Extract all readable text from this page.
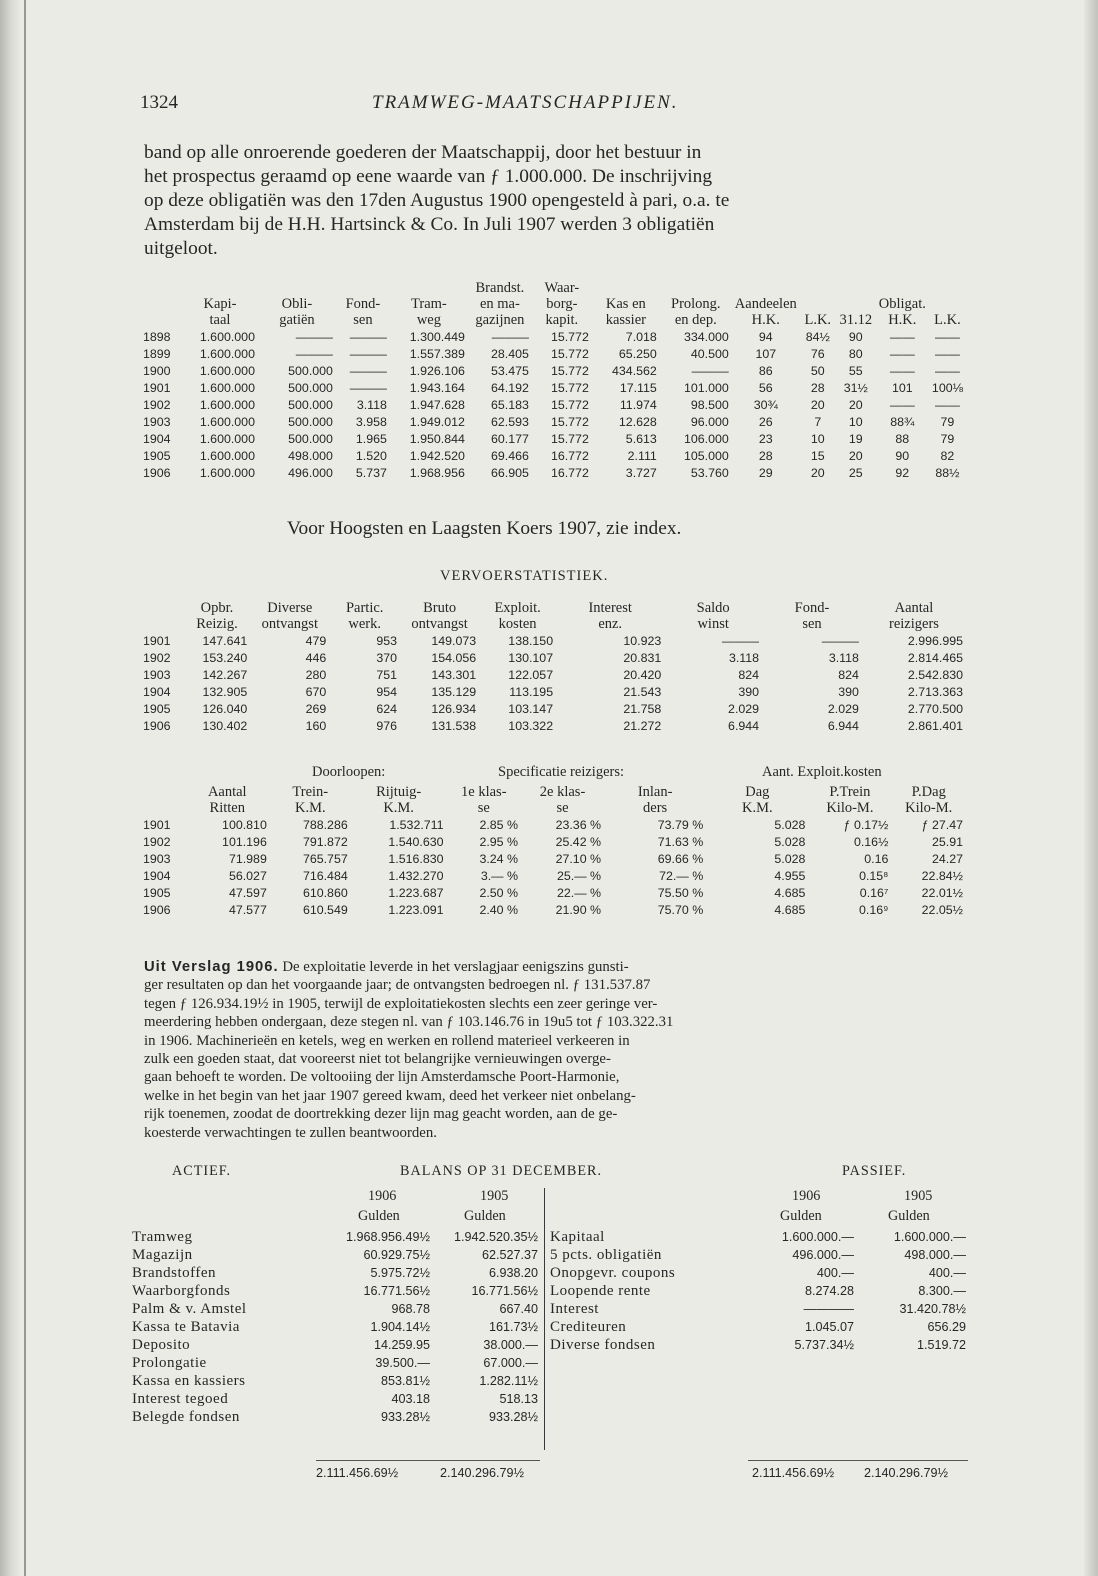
1324	TRAMWEG-MAATSCHAPPIJEN.
band op alle onroerende goederen der Maatschappij, door het bestuur in
het prospectus geraamd op eene waarde van ƒ 1.000.000. De inschrijving
op deze obligatiën was den 17den Augustus 1900 opengesteld à pari, o.a. te
Amsterdam bij de H.H. Hartsinck & Co. In Juli 1907 werden 3 obligatiën
uitgeloot.
					Brandst.	Waar-							
	Kapi-	Obli-	Fond-	Tram-	en ma-	borg-	Kas en	Prolong.	Aandeelen			Obligat.	
	taal	gatiën	sen	weg	gazijnen	kapit.	kassier	en dep.	H.K.	L.K.	31.12	H.K.	L.K.
1898	1.600.000	———	———	1.300.449	———	15.772	7.018	334.000	94	84½	90	——	——
1899	1.600.000	———	———	1.557.389	28.405	15.772	65.250	40.500	107	76	80	——	——
1900	1.600.000	500.000	———	1.926.106	53.475	15.772	434.562	———	86	50	55	——	——
1901	1.600.000	500.000	———	1.943.164	64.192	15.772	17.115	101.000	56	28	31½	101	100⅛
1902	1.600.000	500.000	3.118	1.947.628	65.183	15.772	11.974	98.500	30¾	20	20	——	——
1903	1.600.000	500.000	3.958	1.949.012	62.593	15.772	12.628	96.000	26	7	10	88¾	79
1904	1.600.000	500.000	1.965	1.950.844	60.177	15.772	5.613	106.000	23	10	19	88	79
1905	1.600.000	498.000	1.520	1.942.520	69.466	16.772	2.111	105.000	28	15	20	90	82
1906	1.600.000	496.000	5.737	1.968.956	66.905	16.772	3.727	53.760	29	20	25	92	88½
Voor Hoogsten en Laagsten Koers 1907, zie index.
VERVOERSTATISTIEK.
	Opbr.	Diverse	Partic.	Bruto	Exploit.	Interest	Saldo	Fond-	Aantal
	Reizig.	ontvangst	werk.	ontvangst	kosten	enz.	winst	sen	reizigers
1901	147.641	479	953	149.073	138.150	10.923	———	———	2.996.995
1902	153.240	446	370	154.056	130.107	20.831	3.118	3.118	2.814.465
1903	142.267	280	751	143.301	122.057	20.420	824	824	2.542.830
1904	132.905	670	954	135.129	113.195	21.543	390	390	2.713.363
1905	126.040	269	624	126.934	103.147	21.758	2.029	2.029	2.770.500
1906	130.402	160	976	131.538	103.322	21.272	6.944	6.944	2.861.401
Doorloopen:	Specificatie reizigers:	Aant. Exploit.kosten
	Aantal	Trein-	Rijtuig-	1e klas-	2e klas-	Inlan-	Dag	P.Trein	P.Dag
	Ritten	K.M.	K.M.	se	se	ders	K.M.	Kilo-M.	Kilo-M.
1901	100.810	788.286	1.532.711	2.85 %	23.36 %	73.79 %	5.028	ƒ 0.17½	ƒ 27.47
1902	101.196	791.872	1.540.630	2.95 %	25.42 %	71.63 %	5.028	0.16½	25.91
1903	71.989	765.757	1.516.830	3.24 %	27.10 %	69.66 %	5.028	0.16	24.27
1904	56.027	716.484	1.432.270	3.— %	25.— %	72.— %	4.955	0.15⁸	22.84½
1905	47.597	610.860	1.223.687	2.50 %	22.— %	75.50 %	4.685	0.16⁷	22.01½
1906	47.577	610.549	1.223.091	2.40 %	21.90 %	75.70 %	4.685	0.16⁹	22.05½
Uit Verslag 1906. De exploitatie leverde in het verslagjaar eenigszins gunsti-
ger resultaten op dan het voorgaande jaar; de ontvangsten bedroegen nl. ƒ 131.537.87
tegen ƒ 126.934.19½ in 1905, terwijl de exploitatiekosten slechts een zeer geringe ver-
meerdering hebben ondergaan, deze stegen nl. van ƒ 103.146.76 in 19u5 tot ƒ 103.322.31
in 1906. Machinerieën en ketels, weg en werken en rollend materieel verkeeren in
zulk een goeden staat, dat vooreerst niet tot belangrijke vernieuwingen overge-
gaan behoeft te worden. De voltooiing der lijn Amsterdamsche Poort-Harmonie,
welke in het begin van het jaar 1907 gereed kwam, deed het verkeer niet onbelang-
rijk toenemen, zoodat de doortrekking dezer lijn mag geacht worden, aan de ge-
koesterde verwachtingen te zullen beantwoorden.
ACTIEF.	BALANS OP 31 DECEMBER.	PASSIEF.
1906	1905
Gulden	Gulden
1906	1905
Gulden	Gulden
Tramweg	1.968.956.49½	1.942.520.35½
Magazijn	60.929.75½	62.527.37
Brandstoffen	5.975.72½	6.938.20
Waarborgfonds	16.771.56½	16.771.56½
Palm & v. Amstel	968.78	667.40
Kassa te Batavia	1.904.14½	161.73½
Deposito	14.259.95	38.000.—
Prolongatie	39.500.—	67.000.—
Kassa en kassiers	853.81½	1.282.11½
Interest tegoed	403.18	518.13
Belegde fondsen	933.28½	933.28½
Kapitaal	1.600.000.—	1.600.000.—
5 pcts. obligatiën	496.000.—	498.000.—
Onopgevr. coupons	400.—	400.—
Loopende rente	8.274.28	8.300.—
Interest	————	31.420.78½
Crediteuren	1.045.07	656.29
Diverse fondsen	5.737.34½	1.519.72
2.111.456.69½	2.140.296.79½	2.111.456.69½ 2.140.296.79½
